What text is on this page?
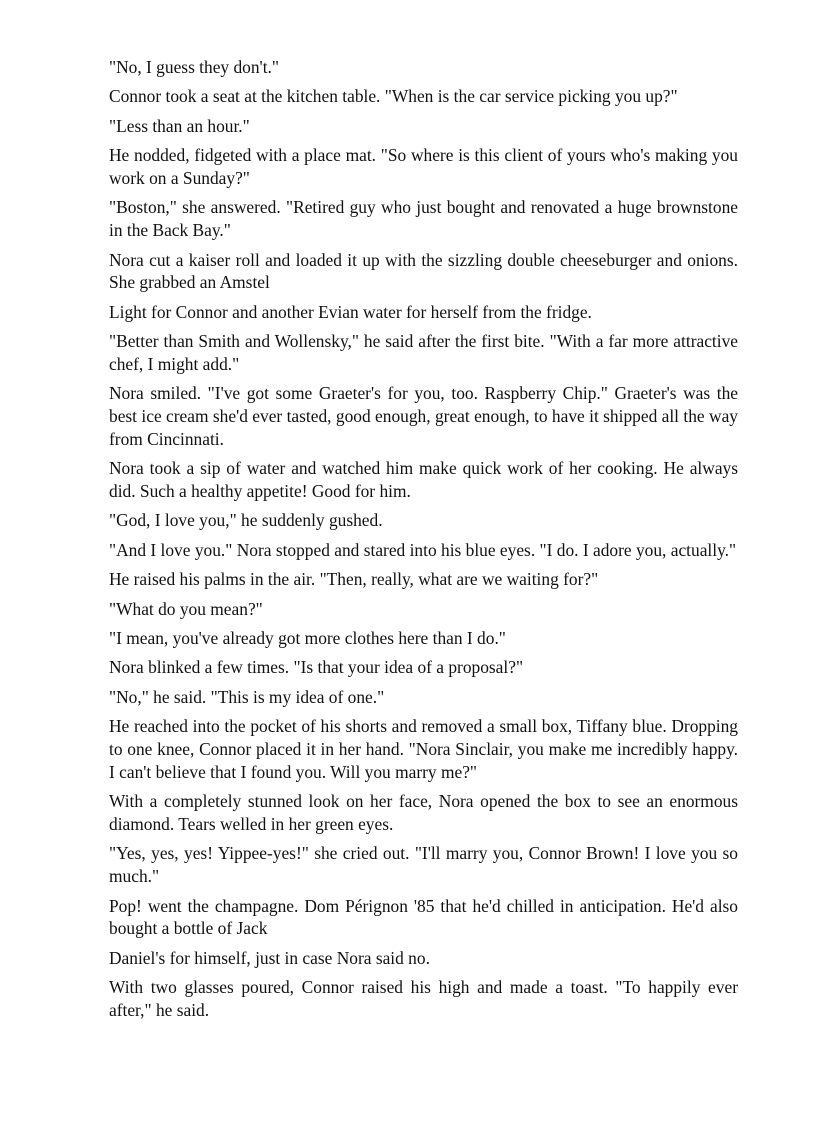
"No, I guess they don't."

Connor took a seat at the kitchen table. "When is the car service picking you up?"

"Less than an hour."

He nodded, fidgeted with a place mat. "So where is this client of yours who's making you work on a Sunday?"

"Boston," she answered. "Retired guy who just bought and renovated a huge brownstone in the Back Bay."

Nora cut a kaiser roll and loaded it up with the sizzling double cheeseburger and onions. She grabbed an Amstel

Light for Connor and another Evian water for herself from the fridge.

"Better than Smith and Wollensky," he said after the first bite. "With a far more attractive chef, I might add."

Nora smiled. "I've got some Graeter's for you, too. Raspberry Chip." Graeter's was the best ice cream she'd ever tasted, good enough, great enough, to have it shipped all the way from Cincinnati.

Nora took a sip of water and watched him make quick work of her cooking. He always did. Such a healthy appetite! Good for him.

"God, I love you," he suddenly gushed.

"And I love you." Nora stopped and stared into his blue eyes. "I do. I adore you, actually."

He raised his palms in the air. "Then, really, what are we waiting for?"

"What do you mean?"

"I mean, you've already got more clothes here than I do."

Nora blinked a few times. "Is that your idea of a proposal?"

"No," he said. "This is my idea of one."

He reached into the pocket of his shorts and removed a small box, Tiffany blue. Dropping to one knee, Connor placed it in her hand. "Nora Sinclair, you make me incredibly happy. I can't believe that I found you. Will you marry me?"

With a completely stunned look on her face, Nora opened the box to see an enormous diamond. Tears welled in her green eyes.

"Yes, yes, yes! Yippee-yes!" she cried out. "I'll marry you, Connor Brown! I love you so much."

Pop! went the champagne. Dom Pérignon '85 that he'd chilled in anticipation. He'd also bought a bottle of Jack

Daniel's for himself, just in case Nora said no.

With two glasses poured, Connor raised his high and made a toast. "To happily ever after," he said.
